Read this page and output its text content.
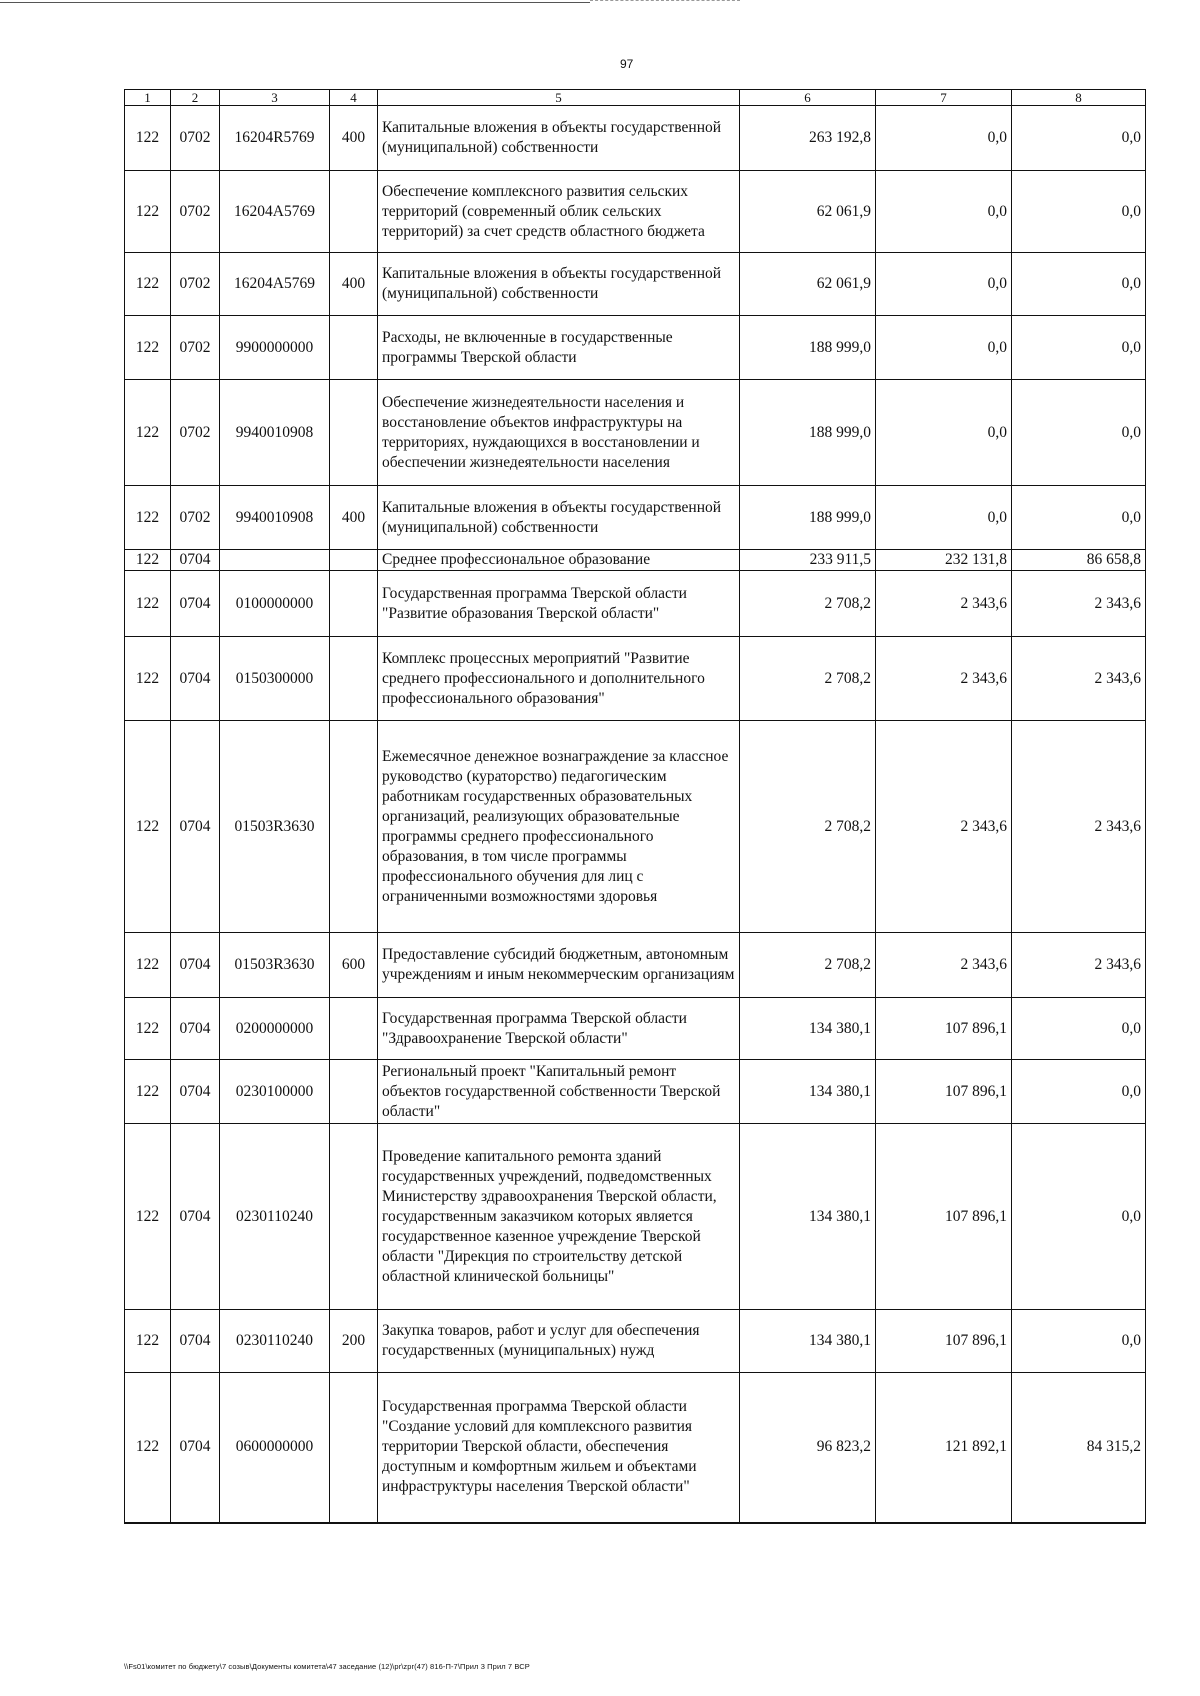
97
1	2	3	4	5	6	7	8
122	0702	16204R5769	400	Капитальные вложения в объекты государственной (муниципальной) собственности	263 192,8	0,0	0,0
122	0702	16204А5769		Обеспечение комплексного развития сельских территорий (современный облик сельских территорий) за счет средств областного бюджета	62 061,9	0,0	0,0
122	0702	16204А5769	400	Капитальные вложения в объекты государственной (муниципальной) собственности	62 061,9	0,0	0,0
122	0702	9900000000		Расходы, не включенные в государственные программы Тверской области	188 999,0	0,0	0,0
122	0702	9940010908		Обеспечение жизнедеятельности населения и восстановление объектов инфраструктуры на территориях, нуждающихся в восстановлении и обеспечении жизнедеятельности населения	188 999,0	0,0	0,0
122	0702	9940010908	400	Капитальные вложения в объекты государственной (муниципальной) собственности	188 999,0	0,0	0,0
122	0704			Среднее профессиональное образование	233 911,5	232 131,8	86 658,8
122	0704	0100000000		Государственная программа Тверской области "Развитие образования Тверской области"	2 708,2	2 343,6	2 343,6
122	0704	0150300000		Комплекс процессных мероприятий "Развитие среднего профессионального и дополнительного профессионального образования"	2 708,2	2 343,6	2 343,6
122	0704	01503R3630		Ежемесячное денежное вознаграждение за классное руководство (кураторство) педагогическим работникам государственных образовательных организаций, реализующих образовательные программы среднего профессионального образования, в том числе программы профессионального обучения для лиц с ограниченными возможностями здоровья	2 708,2	2 343,6	2 343,6
122	0704	01503R3630	600	Предоставление субсидий бюджетным, автономным учреждениям и иным некоммерческим организациям	2 708,2	2 343,6	2 343,6
122	0704	0200000000		Государственная программа Тверской области "Здравоохранение Тверской области"	134 380,1	107 896,1	0,0
122	0704	0230100000		Региональный проект "Капитальный ремонт объектов государственной собственности Тверской области"	134 380,1	107 896,1	0,0
122	0704	0230110240		Проведение капитального ремонта зданий государственных учреждений, подведомственных Министерству здравоохранения Тверской области, государственным заказчиком которых является государственное казенное учреждение Тверской области "Дирекция по строительству детской областной клинической больницы"	134 380,1	107 896,1	0,0
122	0704	0230110240	200	Закупка товаров, работ и услуг для обеспечения государственных (муниципальных) нужд	134 380,1	107 896,1	0,0
122	0704	0600000000		Государственная программа Тверской области "Создание условий для комплексного развития территории Тверской области, обеспечения доступным и комфортным жильем и объектами инфраструктуры населения Тверской области"	96 823,2	121 892,1	84 315,2
\\Fs01\комитет по бюджету\7 созыв\Документы комитета\47 заседание (12)\pr\zpr(47) 816-П-7\Прил 3 Прил 7 ВСР
